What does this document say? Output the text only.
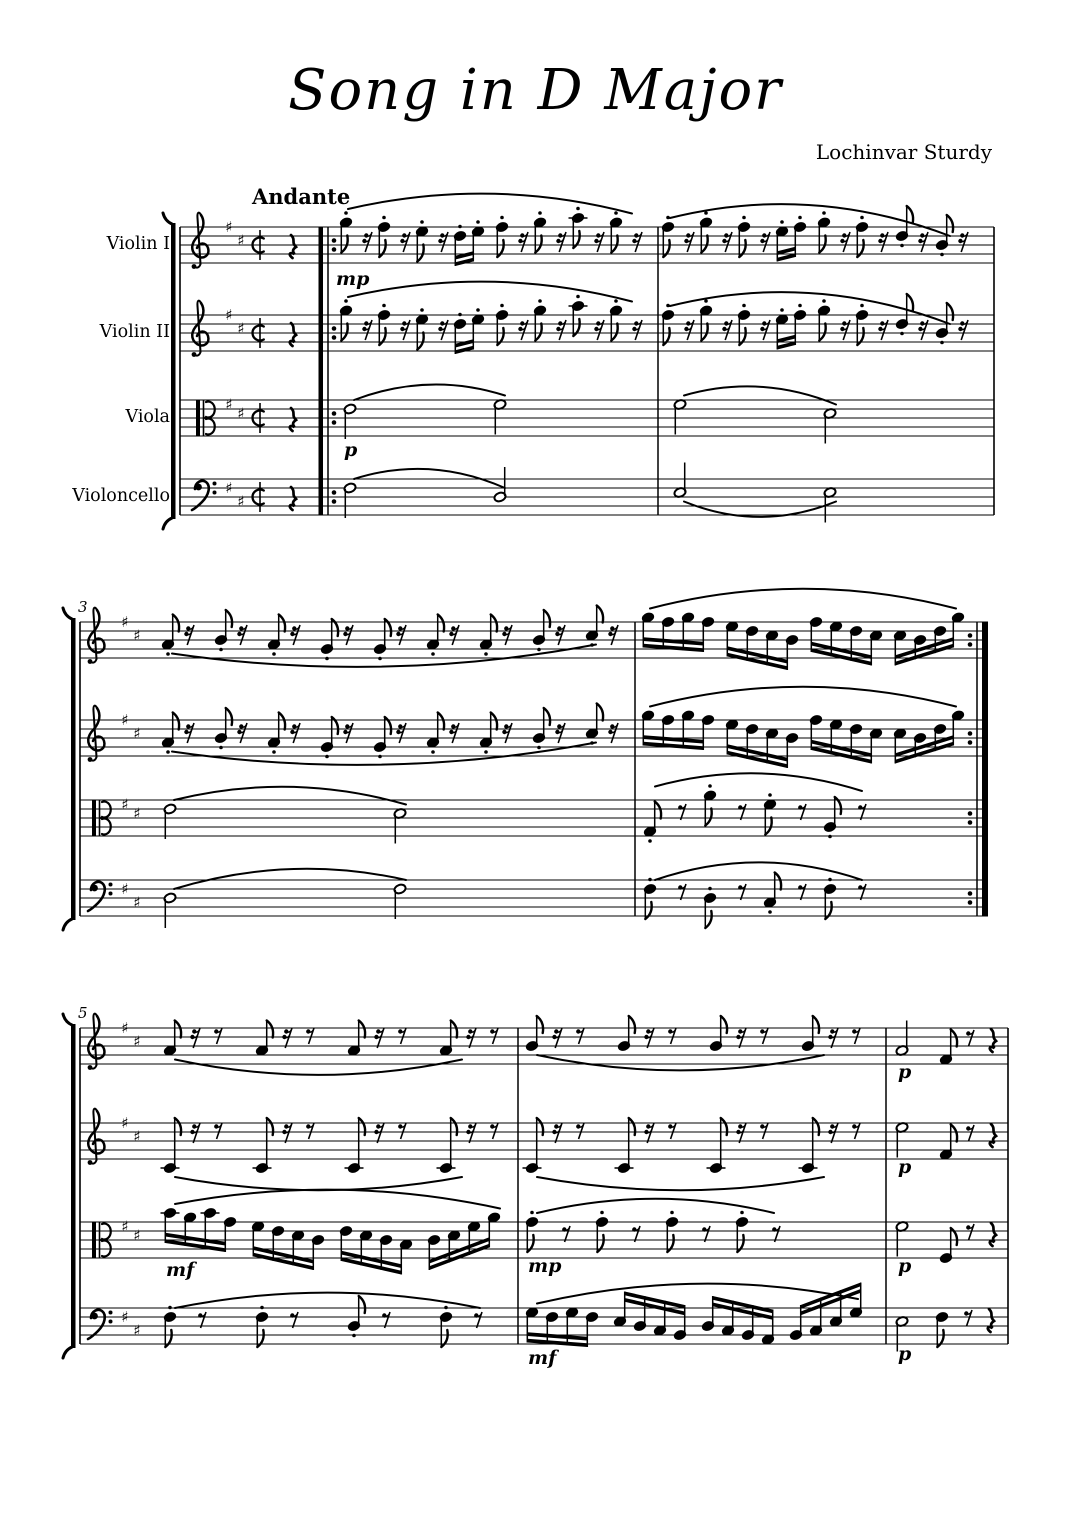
Song in D Major
Lochinvar Sturdy
Andante
Violin I
Violin II
Viola
Violoncello
♯
♯
mp
♯
♯
♯ ♯
p
♯
♯
♯
♯
♯
♯
♯ ♯
♯
♯
3
♯
♯
p
♯
♯
p
♯ ♯
mf	mp	p
♯
♯
mf	p
5
